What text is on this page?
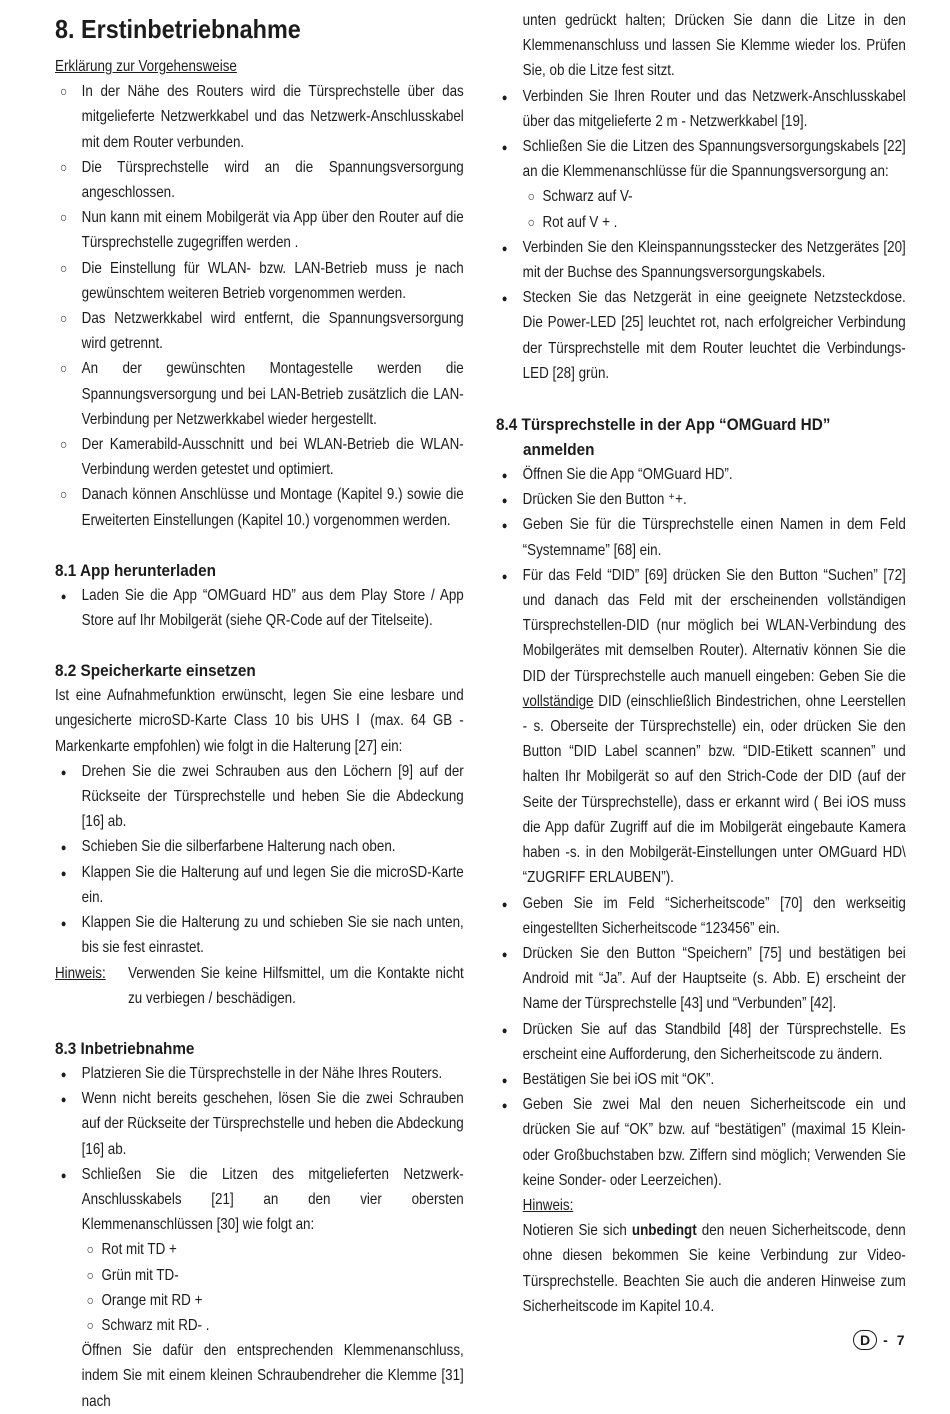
8. Erstinbetriebnahme
Erklärung zur Vorgehensweise
○
In der Nähe des Routers wird die Türsprechstelle über das mitgelieferte Netzwerkkabel und das Netzwerk-Anschlusskabel mit dem Router verbunden.
○
Die Türsprechstelle wird an die Spannungsversorgung angeschlossen.
○
Nun kann mit einem Mobilgerät via App über den Router auf die Türsprechstelle zugegriffen werden .
○
Die Einstellung für WLAN- bzw. LAN-Betrieb muss je nach gewünschtem weiteren Betrieb vorgenommen werden.
○
Das Netzwerkkabel wird entfernt, die Spannungsversorgung wird getrennt.
○
An der gewünschten Montagestelle werden die Spannungsversorgung und bei LAN-Betrieb zusätzlich die LAN-Verbindung per Netzwerkkabel wieder hergestellt.
○
Der Kamerabild-Ausschnitt und bei WLAN-Betrieb die WLAN-Verbindung werden getestet und optimiert.
○
Danach können Anschlüsse und Montage (Kapitel 9.) sowie die Erweiterten Einstellungen (Kapitel 10.) vorgenommen werden.
8.1 App herunterladen
●
Laden Sie die App “OMGuard HD” aus dem Play Store / App Store auf Ihr Mobilgerät (siehe QR-Code auf der Titelseite).
8.2 Speicherkarte einsetzen
Ist eine Aufnahmefunktion erwünscht, legen Sie eine lesbare und ungesicherte microSD-Karte Class 10 bis UHS Ⅰ (max. 64 GB - Markenkarte empfohlen) wie folgt in die Halterung [27] ein:
●
Drehen Sie die zwei Schrauben aus den Löchern [9] auf der Rückseite der Türsprechstelle und heben Sie die Abdeckung [16] ab.
●
Schieben Sie die silberfarbene Halterung nach oben.
●
Klappen Sie die Halterung auf und legen Sie die microSD-Karte ein.
●
Klappen Sie die Halterung zu und schieben Sie sie nach unten, bis sie fest einrastet.
Hinweis:	Verwenden Sie keine Hilfsmittel, um die Kontakte nicht zu verbiegen / beschädigen.
8.3 Inbetriebnahme
●
Platzieren Sie die Türsprechstelle in der Nähe Ihres Routers.
●
Wenn nicht bereits geschehen, lösen Sie die zwei Schrauben auf der Rückseite der Türsprechstelle und heben die Abdeckung [16] ab.
●
Schließen Sie die Litzen des mitgelieferten Netzwerk-Anschlusskabels [21] an den vier obersten Klemmenanschlüssen [30] wie folgt an:
○
Rot mit TD +
○
Grün mit TD-
○
Orange mit RD +
○
Schwarz mit RD- .
Öffnen Sie dafür den entsprechenden Klemmenanschluss, indem Sie mit einem kleinen Schraubendreher die Klemme [31] nach
unten gedrückt halten; Drücken Sie dann die Litze in den Klemmenanschluss und lassen Sie Klemme wieder los. Prüfen Sie, ob die Litze fest sitzt.
●
Verbinden Sie Ihren Router und das Netzwerk-Anschlusskabel über das mitgelieferte 2 m - Netzwerkkabel [19].
●
Schließen Sie die Litzen des Spannungsversorgungskabels [22] an die Klemmenanschlüsse für die Spannungsversorgung an:
○
Schwarz auf V-
○
Rot auf V + .
●
Verbinden Sie den Kleinspannungsstecker des Netzgerätes [20] mit der Buchse des Spannungsversorgungskabels.
●
Stecken Sie das Netzgerät in eine geeignete Netzsteckdose. Die Power-LED [25] leuchtet rot, nach erfolgreicher Verbindung der Türsprechstelle mit dem Router leuchtet die Verbindungs-LED [28] grün.
8.4 Türsprechstelle in der App “OMGuard HD”
anmelden
●
Öffnen Sie die App “OMGuard HD”.
●
Drücken Sie den Button ⁺+.
●
Geben Sie für die Türsprechstelle einen Namen in dem Feld “Systemname” [68] ein.
●
Für das Feld “DID” [69] drücken Sie den Button “Suchen” [72] und danach das Feld mit der erscheinenden vollständigen Türsprechstellen-DID (nur möglich bei WLAN-Verbindung des Mobilgerätes mit demselben Router). Alternativ können Sie die DID der Türsprechstelle auch manuell eingeben: Geben Sie die vollständige DID (einschließlich Bindestrichen, ohne Leerstellen - s. Oberseite der Türsprechstelle) ein, oder drücken Sie den Button “DID Label scannen” bzw. “DID-Etikett scannen” und halten Ihr Mobilgerät so auf den Strich-Code der DID (auf der Seite der Türsprechstelle), dass er erkannt wird ( Bei iOS muss die App dafür Zugriff auf die im Mobilgerät eingebaute Kamera haben -s. in den Mobilgerät-Einstellungen unter OMGuard HD\ “ZUGRIFF ERLAUBEN”).
●
Geben Sie im Feld “Sicherheitscode” [70] den werkseitig eingestellten Sicherheitscode “123456” ein.
●
Drücken Sie den Button “Speichern” [75] und bestätigen bei Android mit “Ja”. Auf der Hauptseite (s. Abb. E) erscheint der Name der Türsprechstelle [43] und “Verbunden” [42].
●
Drücken Sie auf das Standbild [48] der Türsprechstelle. Es erscheint eine Aufforderung, den Sicherheitscode zu ändern.
●
Bestätigen Sie bei iOS mit “OK”.
●
Geben Sie zwei Mal den neuen Sicherheitscode ein und drücken Sie auf “OK” bzw. auf “bestätigen” (maximal 15 Klein- oder Großbuchstaben bzw. Ziffern sind möglich; Verwenden Sie keine Sonder- oder Leerzeichen).
Hinweis:
Notieren Sie sich unbedingt den neuen Sicherheitscode, denn ohne diesen bekommen Sie keine Verbindung zur Video-Türsprechstelle. Beachten Sie auch die anderen Hinweise zum Sicherheitscode im Kapitel 10.4.
D - 7
